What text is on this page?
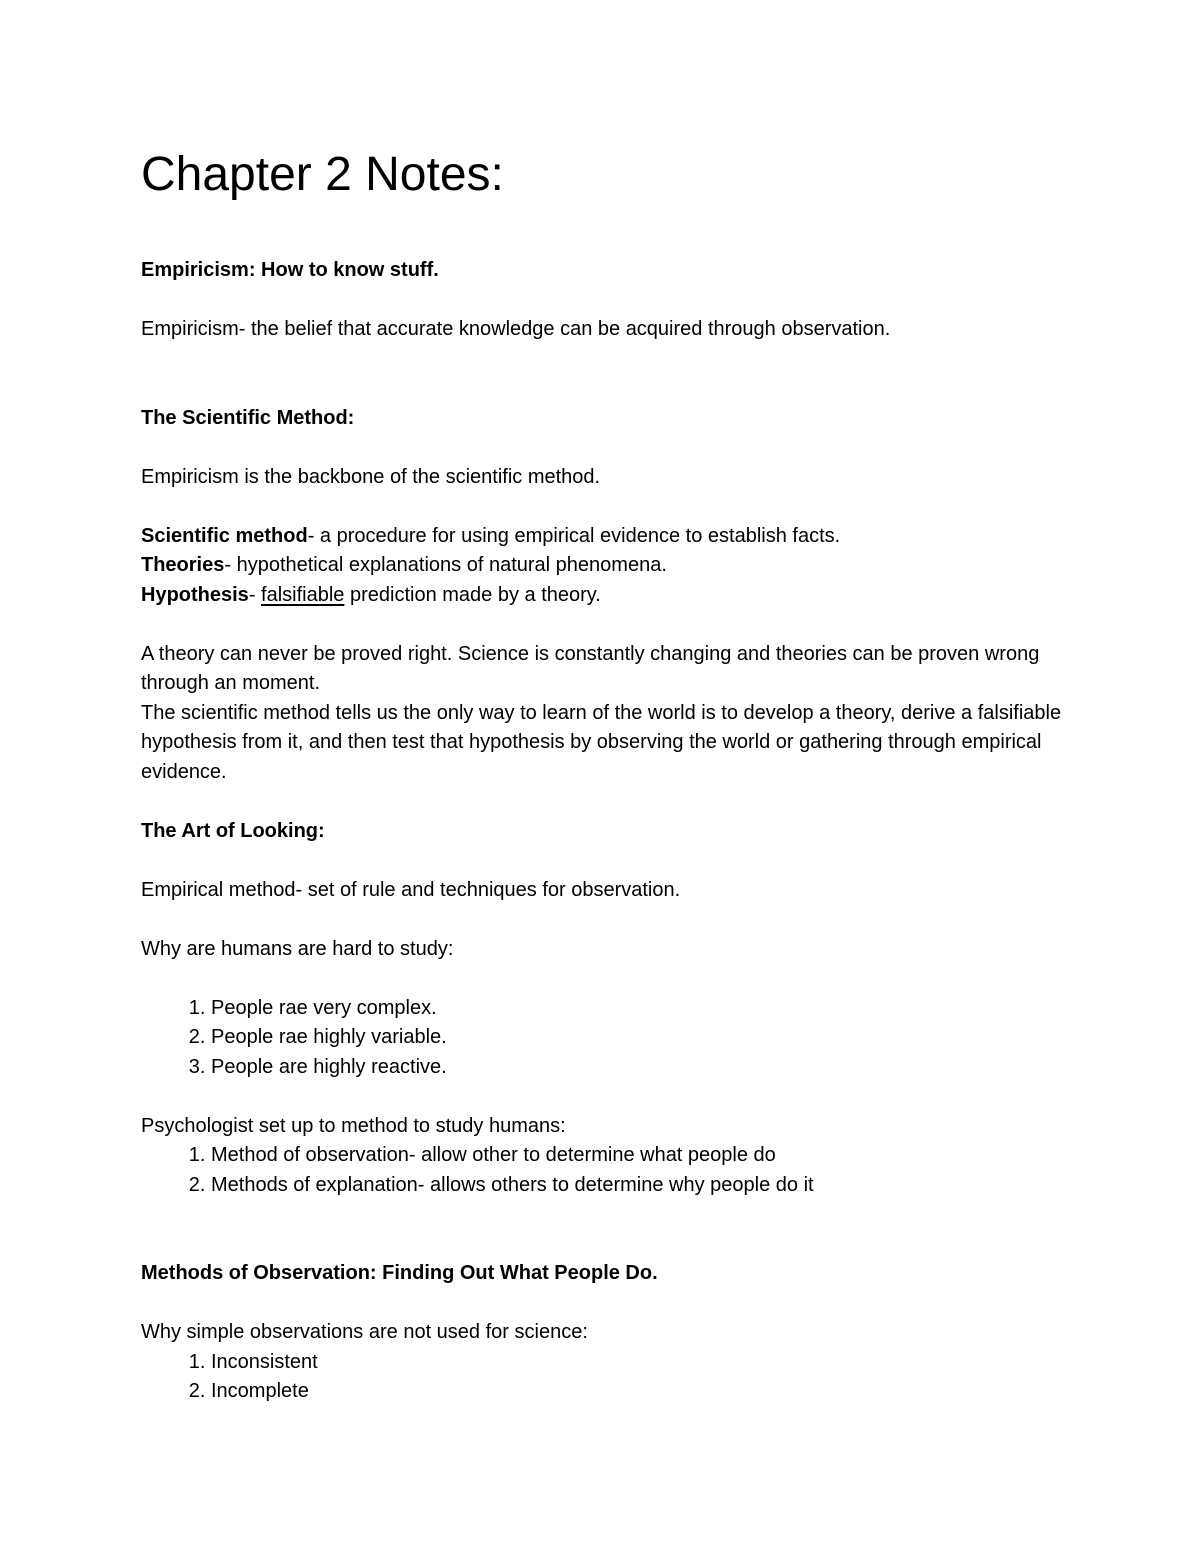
Chapter 2 Notes:

Empiricism: How to know stuff.

Empiricism- the belief that accurate knowledge can be acquired through observation.

The Scientific Method:

Empiricism is the backbone of the scientific method.

Scientific method- a procedure for using empirical evidence to establish facts.

Theories- hypothetical explanations of natural phenomena.

Hypothesis- falsifiable prediction made by a theory.

A theory can never be proved right. Science is constantly changing and theories can be proven wrong through an moment.

The scientific method tells us the only way to learn of the world is to develop a theory, derive a falsifiable hypothesis from it, and then test that hypothesis by observing the world or gathering through empirical evidence.

The Art of Looking:

Empirical method- set of rule and techniques for observation.

Why are humans are hard to study:

1. People rae very complex.
2. People rae highly variable.
3. People are highly reactive.

Psychologist set up to method to study humans:

1. Method of observation- allow other to determine what people do
2. Methods of explanation- allows others to determine why people do it

Methods of Observation: Finding Out What People Do.

Why simple observations are not used for science:

1. Inconsistent
2. Incomplete
